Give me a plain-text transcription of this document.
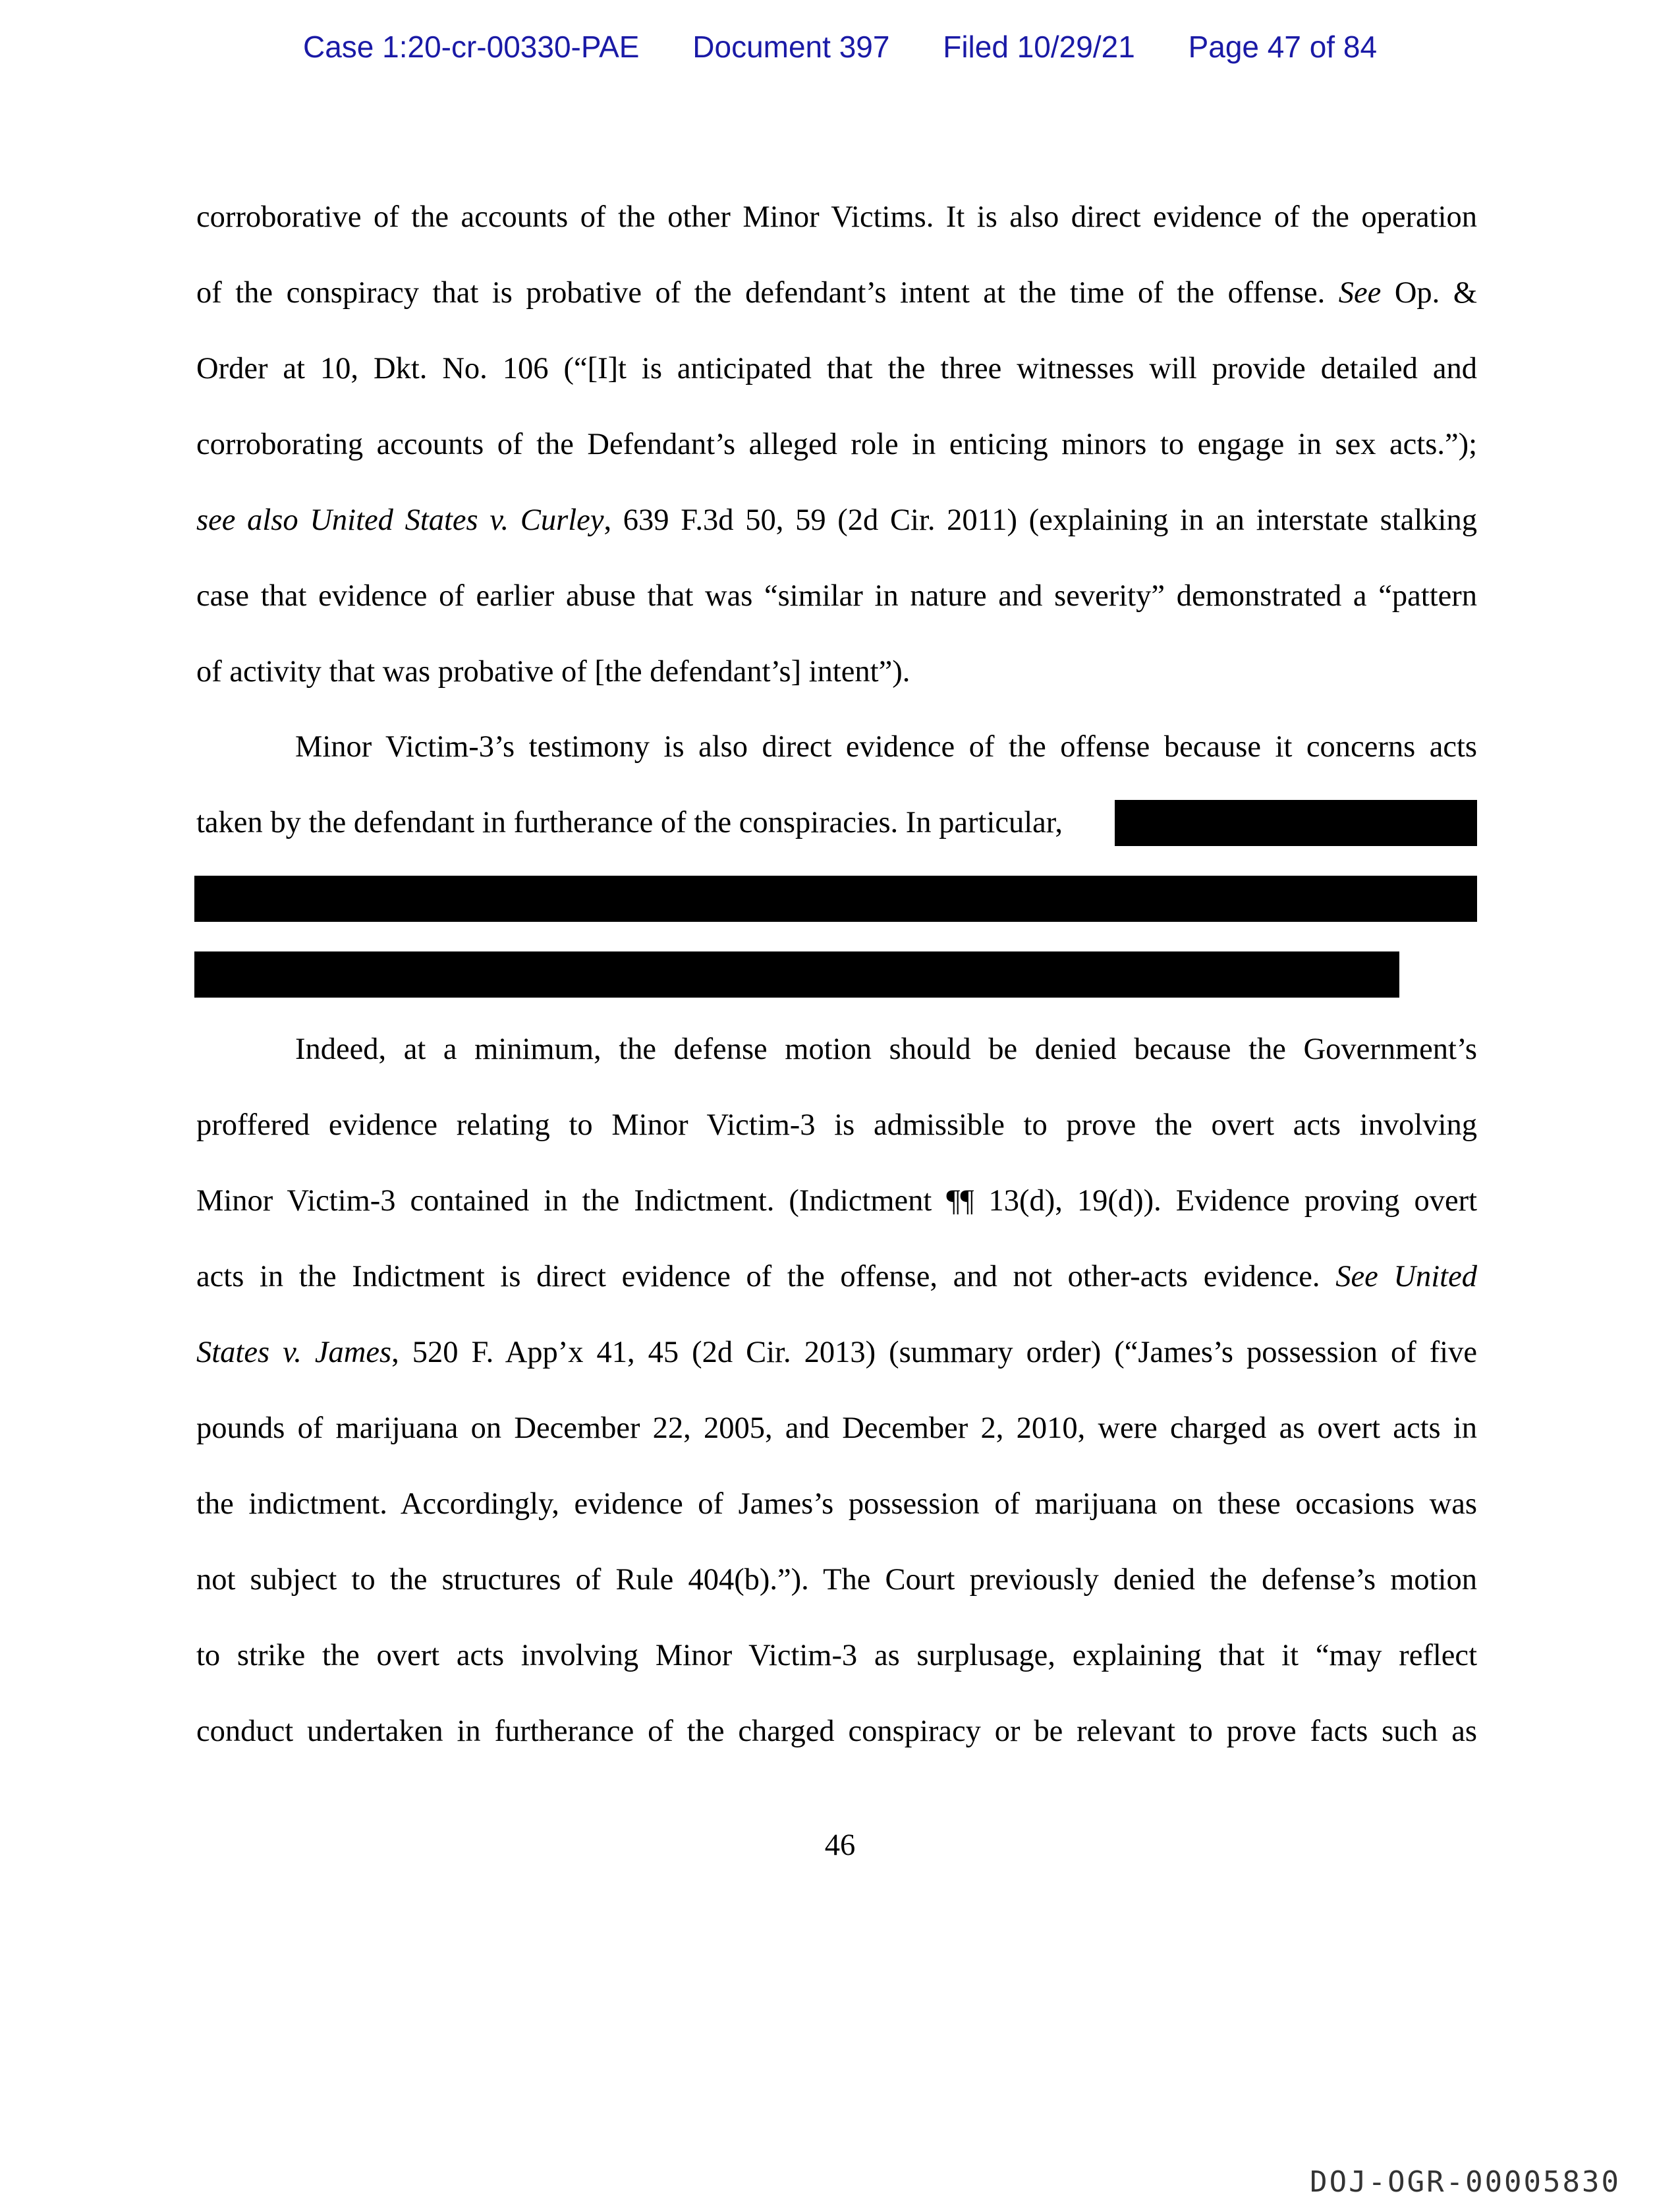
Case 1:20-cr-00330-PAE Document 397 Filed 10/29/21 Page 47 of 84
corroborative of the accounts of the other Minor Victims. It is also direct evidence of the operation
of the conspiracy that is probative of the defendant’s intent at the time of the offense. See Op. &
Order at 10, Dkt. No. 106 (“[I]t is anticipated that the three witnesses will provide detailed and
corroborating accounts of the Defendant’s alleged role in enticing minors to engage in sex acts.”);
see also United States v. Curley, 639 F.3d 50, 59 (2d Cir. 2011) (explaining in an interstate stalking
case that evidence of earlier abuse that was “similar in nature and severity” demonstrated a “pattern
of activity that was probative of [the defendant’s] intent”).
Minor Victim-3’s testimony is also direct evidence of the offense because it concerns acts
taken by the defendant in furtherance of the conspiracies. In particular,
Indeed, at a minimum, the defense motion should be denied because the Government’s
proffered evidence relating to Minor Victim-3 is admissible to prove the overt acts involving
Minor Victim-3 contained in the Indictment. (Indictment ¶¶ 13(d), 19(d)). Evidence proving overt
acts in the Indictment is direct evidence of the offense, and not other-acts evidence. See United
States v. James, 520 F. App’x 41, 45 (2d Cir. 2013) (summary order) (“James’s possession of five
pounds of marijuana on December 22, 2005, and December 2, 2010, were charged as overt acts in
the indictment. Accordingly, evidence of James’s possession of marijuana on these occasions was
not subject to the structures of Rule 404(b).”). The Court previously denied the defense’s motion
to strike the overt acts involving Minor Victim-3 as surplusage, explaining that it “may reflect
conduct undertaken in furtherance of the charged conspiracy or be relevant to prove facts such as
46
DOJ-OGR-00005830
